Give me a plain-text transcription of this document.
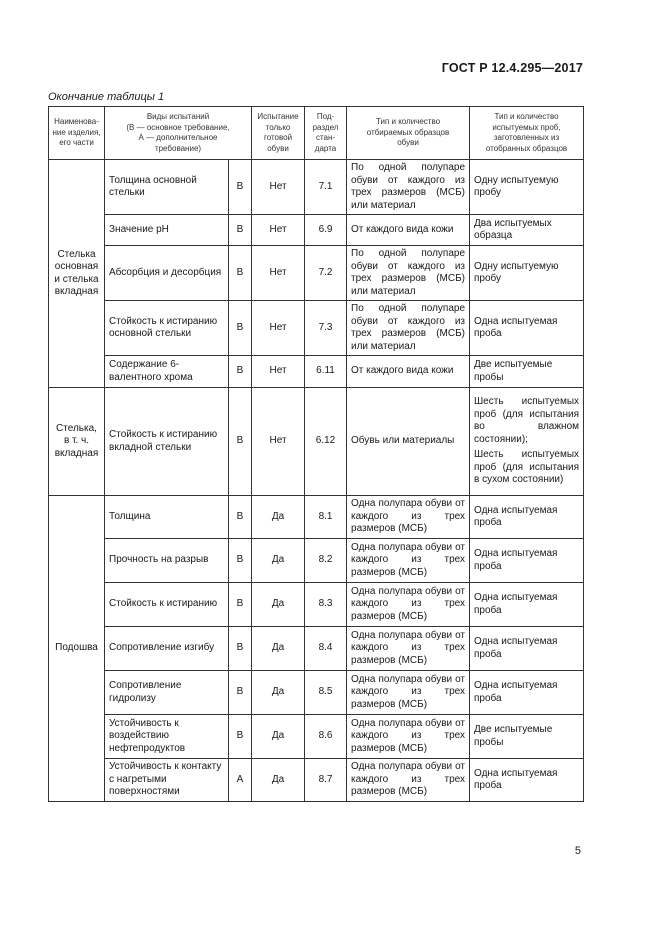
ГОСТ Р 12.4.295—2017
Окончание таблицы 1
Наименова-
ние изделия,
его части	Виды испытаний
(В — основное требование,
А — дополнительное
требование)		Испытание
только
готовой
обуви	Под-
раздел
стан-
дарта	Тип и количество
отбираемых образцов
обуви	Тип и количество
испытуемых проб,
заготовленных из
отобранных образцов
Стелька
основная
и стелька
вкладная	Толщина основной стельки	В	Нет	7.1	По одной полупаре обуви от каждого из трех размеров (МСБ) или материал	Одну испытуемую пробу
	Значение рН	В	Нет	6.9	От каждого вида кожи	Два испытуемых образца
	Абсорбция и десорбция	В	Нет	7.2	По одной полупаре обуви от каждого из трех размеров (МСБ) или материал	Одну испытуемую пробу
	Стойкость к истиранию основной стельки	В	Нет	7.3	По одной полупаре обуви от каждого из трех размеров (МСБ) или материал	Одна испытуемая проба
	Содержание 6-валентного хрома	В	Нет	6.11	От каждого вида кожи	Две испытуемые пробы
Стелька,
в т. ч.
вкладная	Стойкость к истиранию вкладной стельки	В	Нет	6.12	Обувь или материалы	Шесть испытуемых проб (для испытания во влажном состоянии);
Шесть испытуемых проб (для испытания в сухом состоянии)

Подошва	Толщина	В	Да	8.1	Одна полупара обуви от каждого из трех размеров (МСБ)	Одна испытуемая проба
	Прочность на разрыв	В	Да	8.2	Одна полупара обуви от каждого из трех размеров (МСБ)	Одна испытуемая проба
	Стойкость к истиранию	В	Да	8.3	Одна полупара обуви от каждого из трех размеров (МСБ)	Одна испытуемая проба
	Сопротивление изгибу	В	Да	8.4	Одна полупара обуви от каждого из трех размеров (МСБ)	Одна испытуемая проба
	Сопротивление гидролизу	В	Да	8.5	Одна полупара обуви от каждого из трех размеров (МСБ)	Одна испытуемая проба
	Устойчивость к воздействию нефтепродуктов	В	Да	8.6	Одна полупара обуви от каждого из трех размеров (МСБ)	Две испытуемые пробы
	Устойчивость к контакту с нагретыми поверхностями	А	Да	8.7	Одна полупара обуви от каждого из трех размеров (МСБ)	Одна испытуемая проба
5
